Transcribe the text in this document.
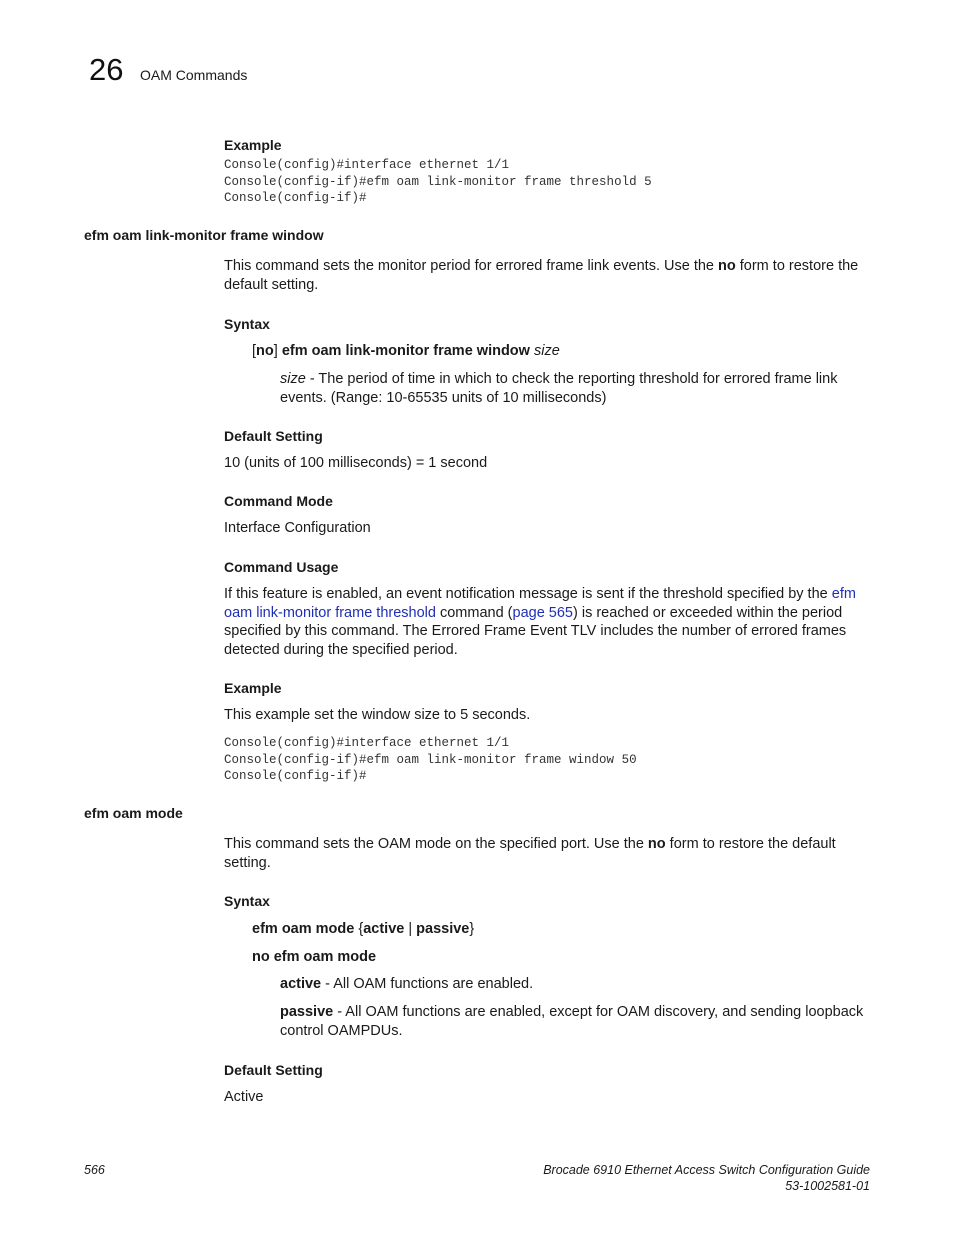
26 OAM Commands
Example
Console(config)#interface ethernet 1/1
Console(config-if)#efm oam link-monitor frame threshold 5
Console(config-if)#
efm oam link-monitor frame window
This command sets the monitor period for errored frame link events. Use the no form to restore the default setting.
Syntax
[no] efm oam link-monitor frame window size
size - The period of time in which to check the reporting threshold for errored frame link events. (Range: 10-65535 units of 10 milliseconds)
Default Setting
10 (units of 100 milliseconds) = 1 second
Command Mode
Interface Configuration
Command Usage
If this feature is enabled, an event notification message is sent if the threshold specified by the efm oam link-monitor frame threshold command (page 565) is reached or exceeded within the period specified by this command. The Errored Frame Event TLV includes the number of errored frames detected during the specified period.
Example
This example set the window size to 5 seconds.
Console(config)#interface ethernet 1/1
Console(config-if)#efm oam link-monitor frame window 50
Console(config-if)#
efm oam mode
This command sets the OAM mode on the specified port. Use the no form to restore the default setting.
Syntax
efm oam mode {active | passive}
no efm oam mode
active - All OAM functions are enabled.
passive - All OAM functions are enabled, except for OAM discovery, and sending loopback control OAMPDUs.
Default Setting
Active
566	Brocade 6910 Ethernet Access Switch Configuration Guide
53-1002581-01
